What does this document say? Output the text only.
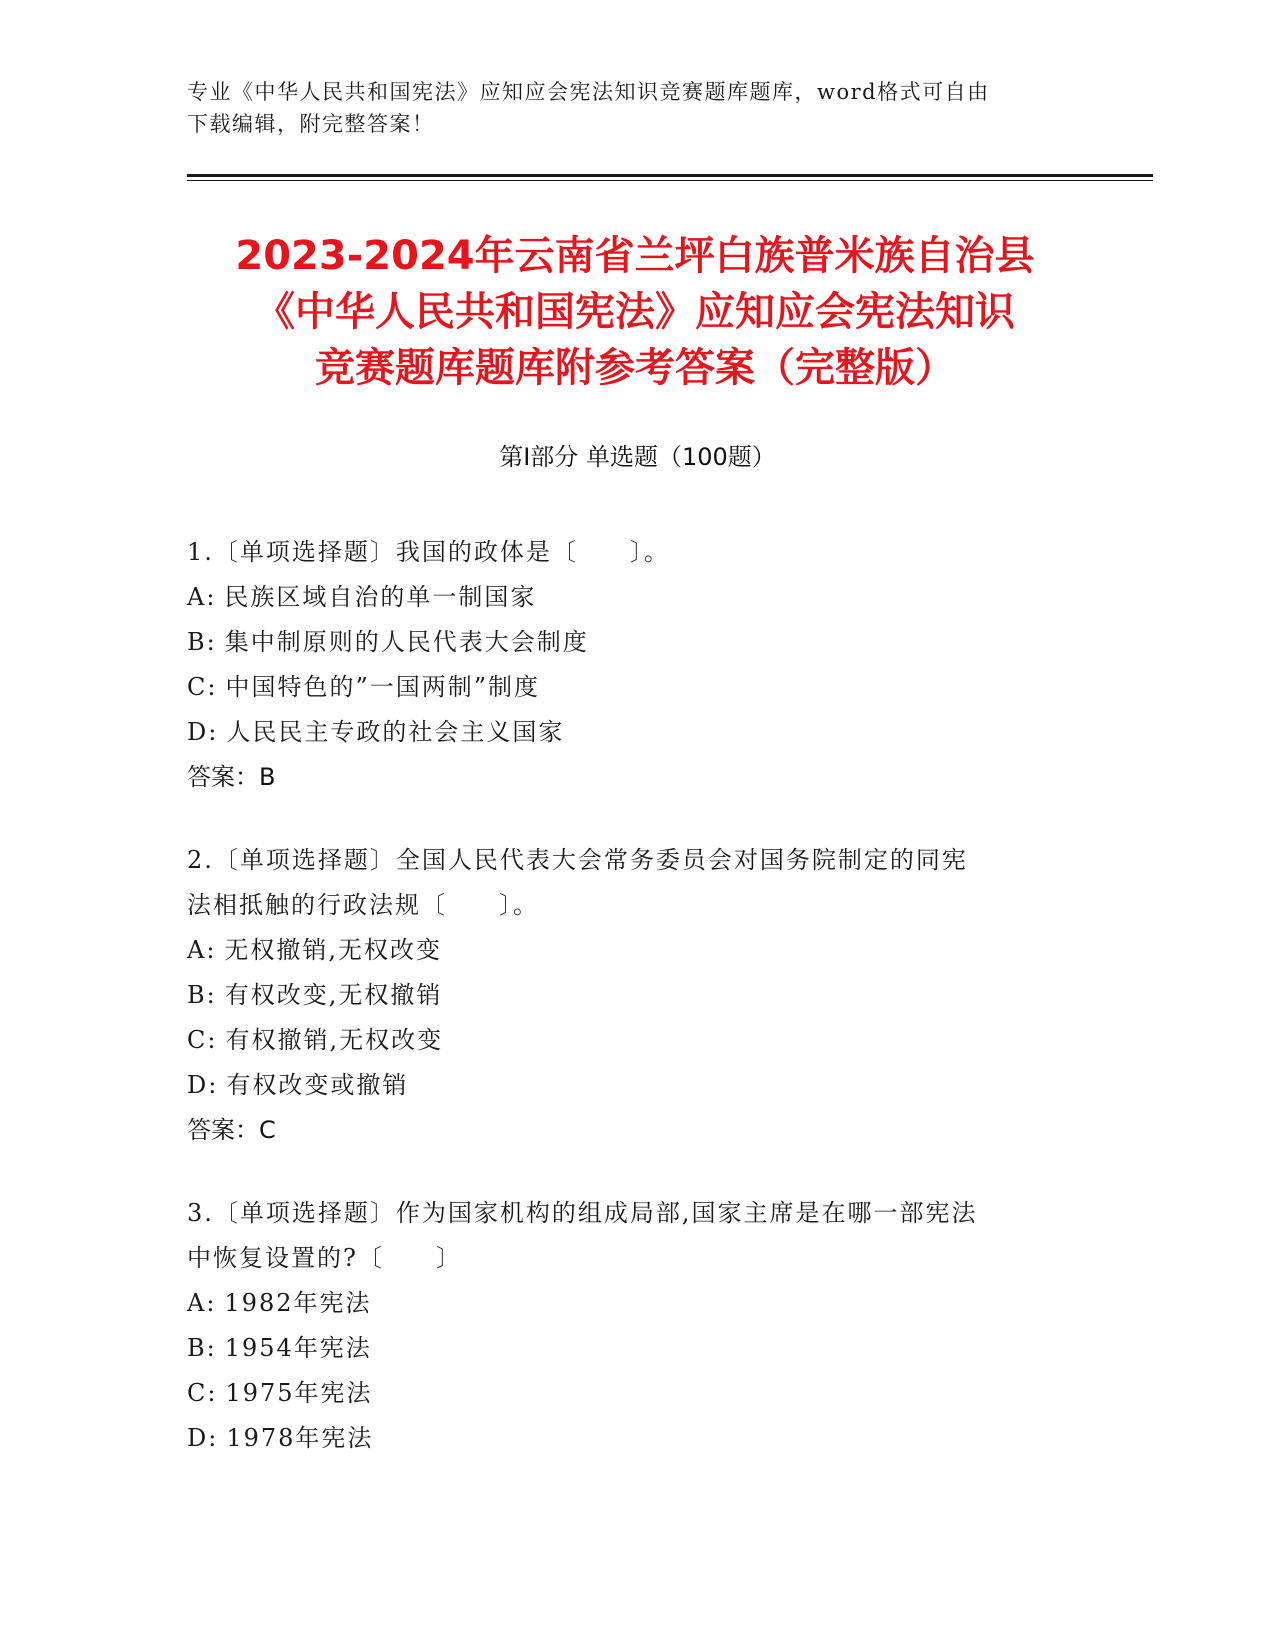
专业《中华人民共和国宪法》应知应会宪法知识竞赛题库题库，word格式可自由
下载编辑，附完整答案！
2023-2024年云南省兰坪白族普米族自治县
《中华人民共和国宪法》应知应会宪法知识
竞赛题库题库附参考答案（完整版）
第Ⅰ部分 单选题（100题）
1.〔单项选择题〕我国的政体是〔　　〕。
A: 民族区域自治的单一制国家
B: 集中制原则的人民代表大会制度
C: 中国特色的”一国两制”制度
D: 人民民主专政的社会主义国家
答案：B
2.〔单项选择题〕全国人民代表大会常务委员会对国务院制定的同宪
法相抵触的行政法规〔　　〕。
A: 无权撤销,无权改变
B: 有权改变,无权撤销
C: 有权撤销,无权改变
D: 有权改变或撤销
答案：C
3.〔单项选择题〕作为国家机构的组成局部,国家主席是在哪一部宪法
中恢复设置的?〔　　〕
A: 1982年宪法
B: 1954年宪法
C: 1975年宪法
D: 1978年宪法
